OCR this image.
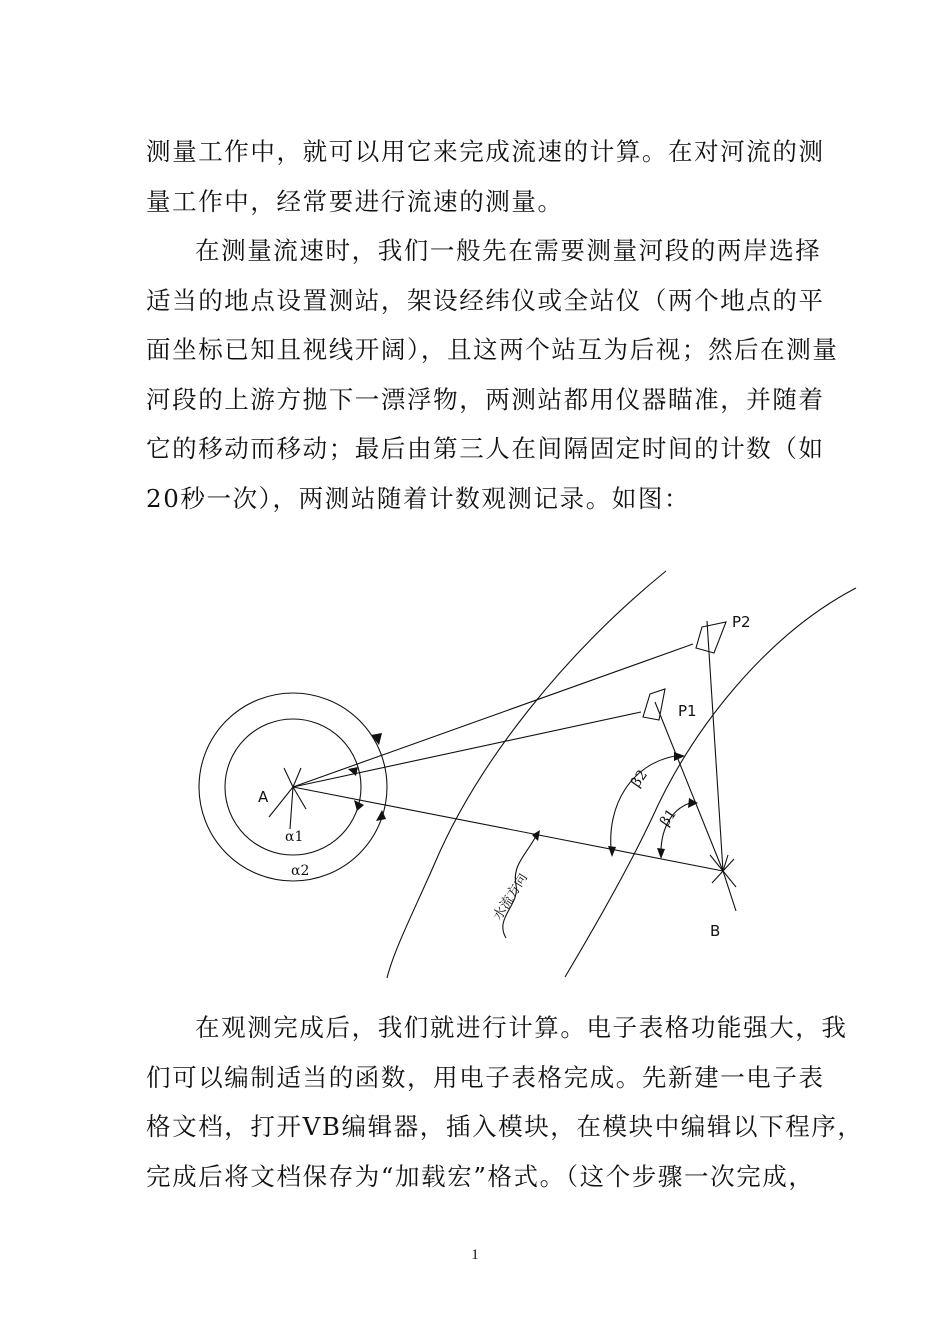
测量工作中，就可以用它来完成流速的计算。在对河流的测
量工作中，经常要进行流速的测量。
在测量流速时，我们一般先在需要测量河段的两岸选择
适当的地点设置测站，架设经纬仪或全站仪（两个地点的平
面坐标已知且视线开阔），且这两个站互为后视；然后在测量
河段的上游方抛下一漂浮物，两测站都用仪器瞄准，并随着
它的移动而移动；最后由第三人在间隔固定时间的计数（如
20秒一次），两测站随着计数观测记录。如图：
A
B
P1
P2
α1
α2
β2
β1
水流方向
在观测完成后，我们就进行计算。电子表格功能强大，我
们可以编制适当的函数，用电子表格完成。先新建一电子表
格文档，打开VB编辑器，插入模块，在模块中编辑以下程序，
完成后将文档保存为“加载宏”格式。（这个步骤一次完成，
1
